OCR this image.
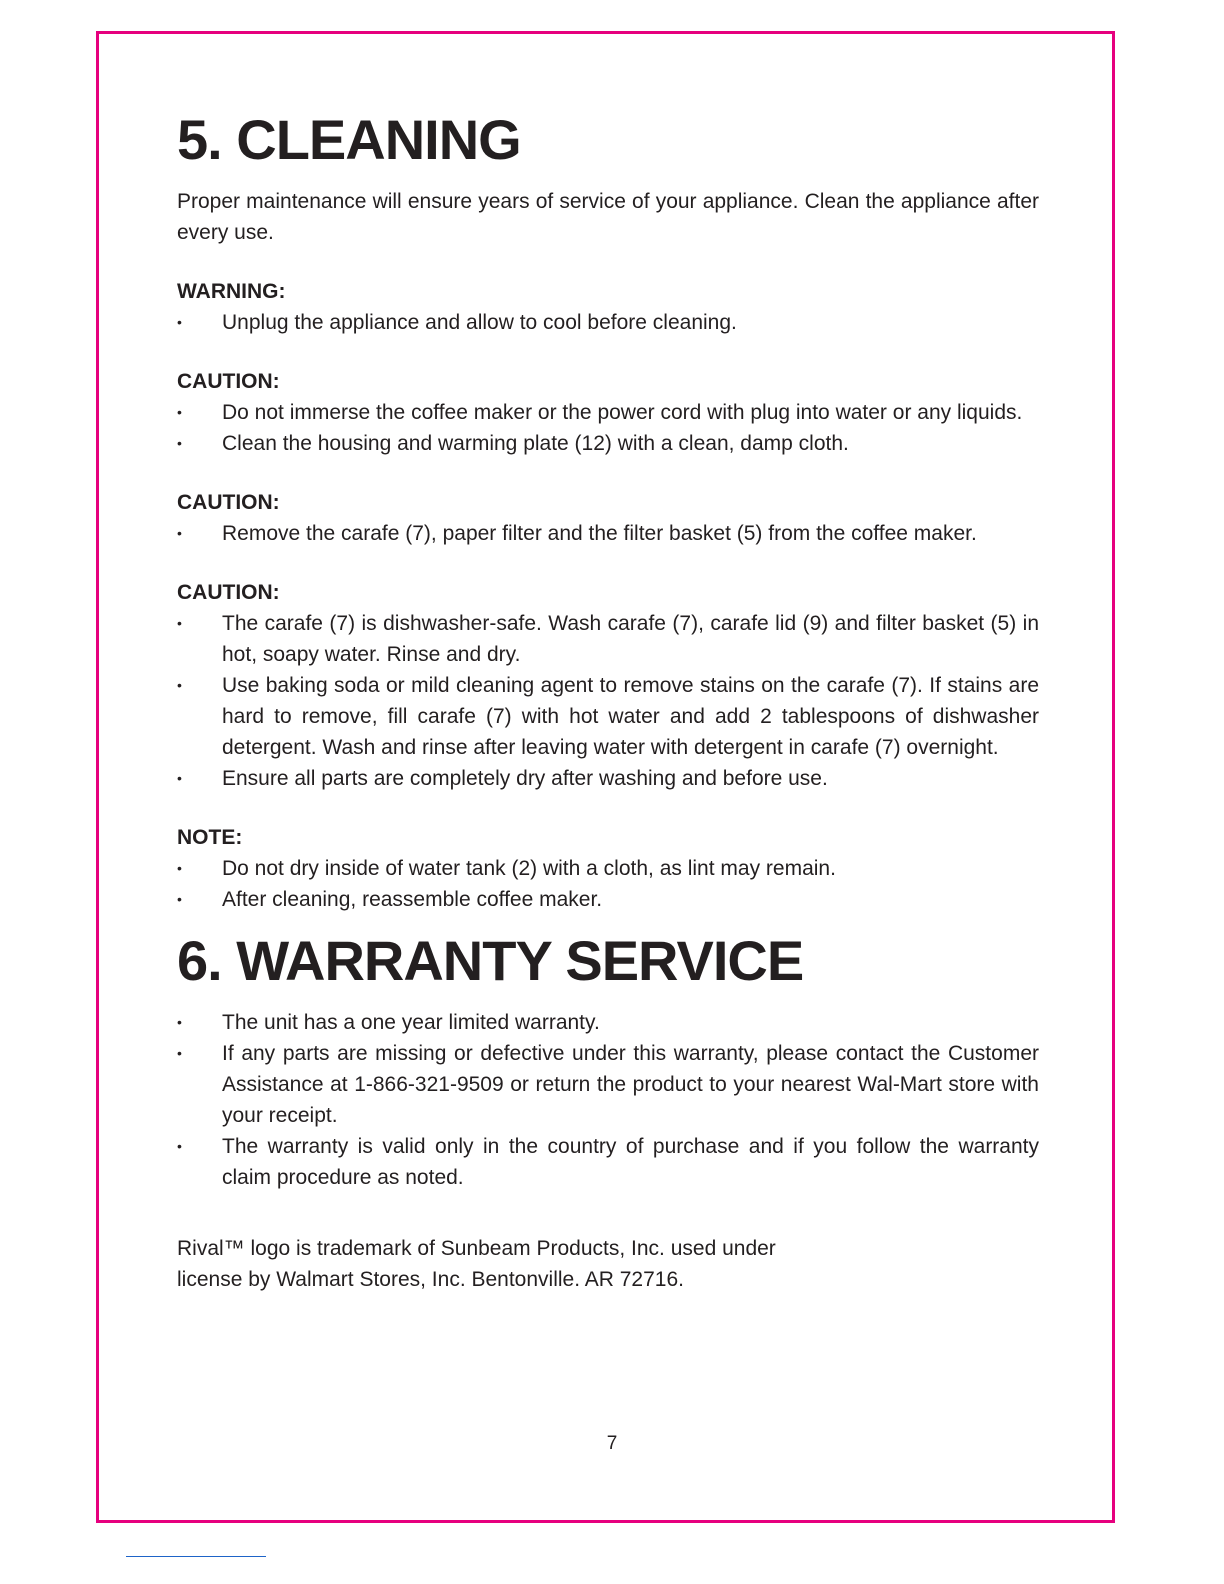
5. CLEANING

Proper maintenance will ensure years of service of your appliance. Clean the appliance after every use.

WARNING:

• Unplug the appliance and allow to cool before cleaning.

CAUTION:

• Do not immerse the coffee maker or the power cord with plug into water or any liquids.
• Clean the housing and warming plate (12) with a clean, damp cloth.

CAUTION:

• Remove the carafe (7), paper filter and the filter basket (5) from the coffee maker.

CAUTION:

• The carafe (7) is dishwasher-safe. Wash carafe (7), carafe lid (9) and filter basket (5) in hot, soapy water. Rinse and dry.
• Use baking soda or mild cleaning agent to remove stains on the carafe (7). If stains are hard to remove, fill carafe (7) with hot water and add 2 tablespoons of dishwasher detergent. Wash and rinse after leaving water with detergent in carafe (7) overnight.
• Ensure all parts are completely dry after washing and before use.

NOTE:

• Do not dry inside of water tank (2) with a cloth, as lint may remain.
• After cleaning, reassemble coffee maker.
6. WARRANTY SERVICE
• The unit has a one year limited warranty.
• If any parts are missing or defective under this warranty, please contact the Customer Assistance at 1-866-321-9509 or return the product to your nearest Wal-Mart store with your receipt.
• The warranty is valid only in the country of purchase and if you follow the warranty claim procedure as noted.
Rival™ logo is trademark of Sunbeam Products, Inc. used under
license by Walmart Stores, Inc. Bentonville. AR 72716.
7
